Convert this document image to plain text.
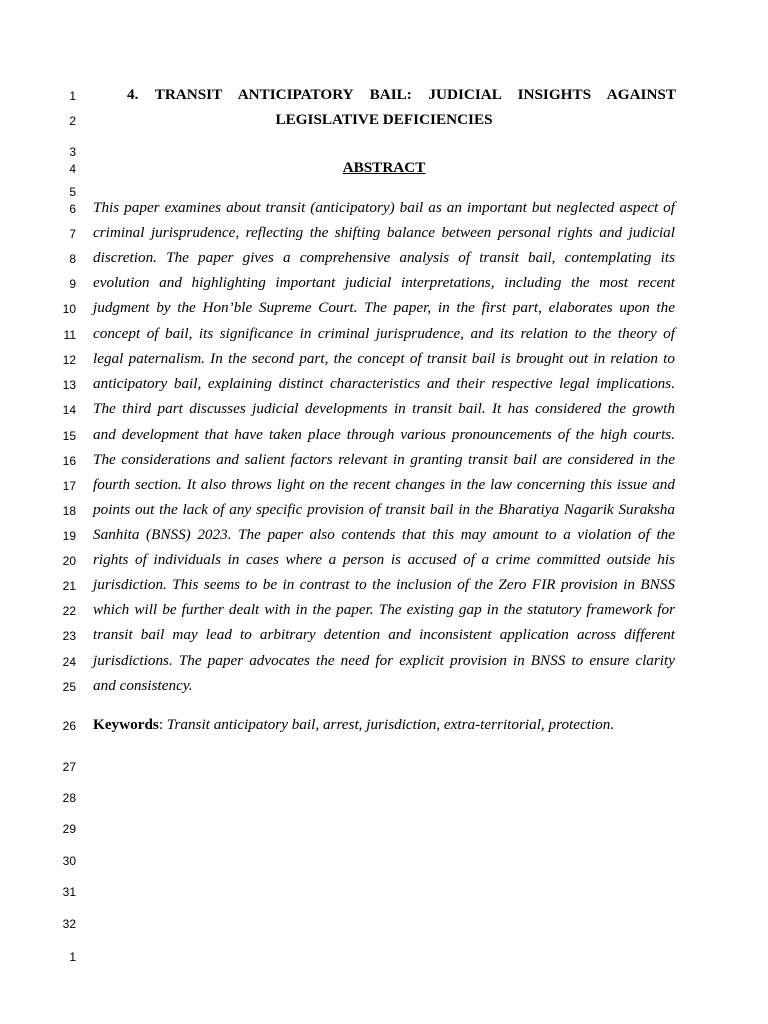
1
2
3
4
5
6
7
8
9
10
11
12
13
14
15
16
17
18
19
20
21
22
23
24
25
26
27
28
29
30
31
32
1
4. TRANSIT ANTICIPATORY BAIL: JUDICIAL INSIGHTS AGAINST
LEGISLATIVE DEFICIENCIES
ABSTRACT
This paper examines about transit (anticipatory) bail as an important but neglected aspect of
criminal jurisprudence, reflecting the shifting balance between personal rights and judicial
discretion. The paper gives a comprehensive analysis of transit bail, contemplating its
evolution and highlighting important judicial interpretations, including the most recent
judgment by the Hon’ble Supreme Court. The paper, in the first part, elaborates upon the
concept of bail, its significance in criminal jurisprudence, and its relation to the theory of
legal paternalism. In the second part, the concept of transit bail is brought out in relation to
anticipatory bail, explaining distinct characteristics and their respective legal implications.
The third part discusses judicial developments in transit bail. It has considered the growth
and development that have taken place through various pronouncements of the high courts.
The considerations and salient factors relevant in granting transit bail are considered in the
fourth section. It also throws light on the recent changes in the law concerning this issue and
points out the lack of any specific provision of transit bail in the Bharatiya Nagarik Suraksha
Sanhita (BNSS) 2023. The paper also contends that this may amount to a violation of the
rights of individuals in cases where a person is accused of a crime committed outside his
jurisdiction. This seems to be in contrast to the inclusion of the Zero FIR provision in BNSS
which will be further dealt with in the paper. The existing gap in the statutory framework for
transit bail may lead to arbitrary detention and inconsistent application across different
jurisdictions. The paper advocates the need for explicit provision in BNSS to ensure clarity
and consistency.
Keywords: Transit anticipatory bail, arrest, jurisdiction, extra-territorial, protection.
